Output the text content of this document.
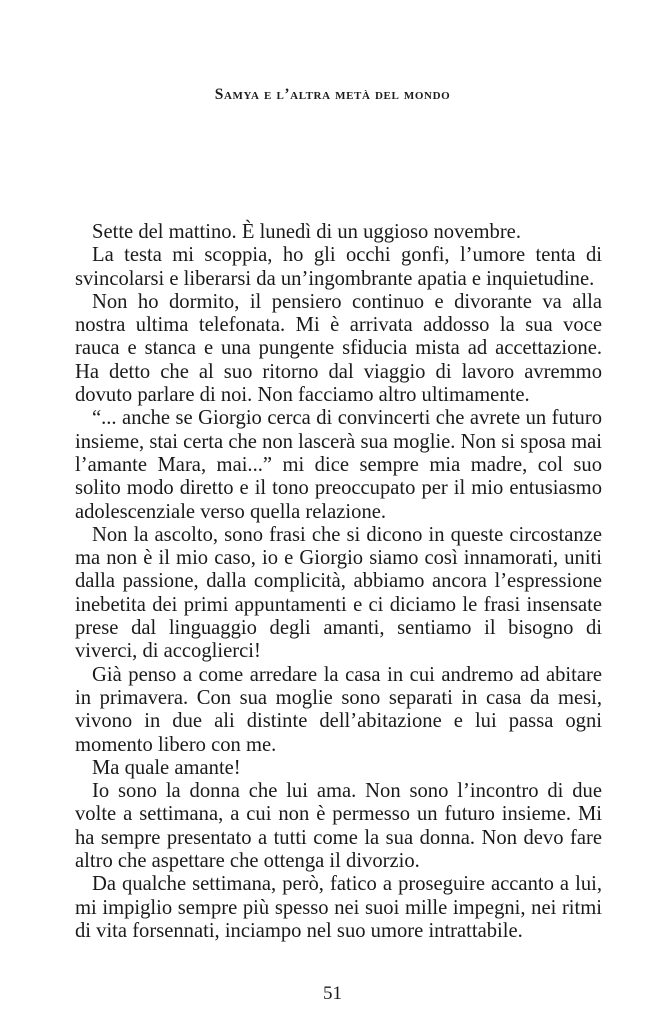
Samya e l’altra metà del mondo

Sette del mattino. È lunedì di un uggioso novembre.

La testa mi scoppia, ho gli occhi gonfi, l’umore tenta di svincolarsi e liberarsi da un’ingombrante apatia e inquietudine.

Non ho dormito, il pensiero continuo e divorante va alla nostra ultima telefonata. Mi è arrivata addosso la sua voce rauca e stanca e una pungente sfiducia mista ad accettazione. Ha detto che al suo ritorno dal viaggio di lavoro avremmo dovuto parlare di noi. Non facciamo altro ultimamente.

“... anche se Giorgio cerca di convincerti che avrete un futuro insieme, stai certa che non lascerà sua moglie. Non si sposa mai l’amante Mara, mai...” mi dice sempre mia madre, col suo solito modo diretto e il tono preoccupato per il mio entusiasmo adolescenziale verso quella relazione.

Non la ascolto, sono frasi che si dicono in queste circostanze ma non è il mio caso, io e Giorgio siamo così innamorati, uniti dalla passione, dalla complicità, abbiamo ancora l’espressione inebetita dei primi appuntamenti e ci diciamo le frasi insensate prese dal linguaggio degli amanti, sentiamo il bisogno di viverci, di accoglierci!

Già penso a come arredare la casa in cui andremo ad abitare in primavera. Con sua moglie sono separati in casa da mesi, vivono in due ali distinte dell’abitazione e lui passa ogni momento libero con me.

Ma quale amante!

Io sono la donna che lui ama. Non sono l’incontro di due volte a settimana, a cui non è permesso un futuro insieme. Mi ha sempre presentato a tutti come la sua donna. Non devo fare altro che aspettare che ottenga il divorzio.

Da qualche settimana, però, fatico a proseguire accanto a lui, mi impiglio sempre più spesso nei suoi mille impegni, nei ritmi di vita forsennati, inciampo nel suo umore intrattabile.

51
